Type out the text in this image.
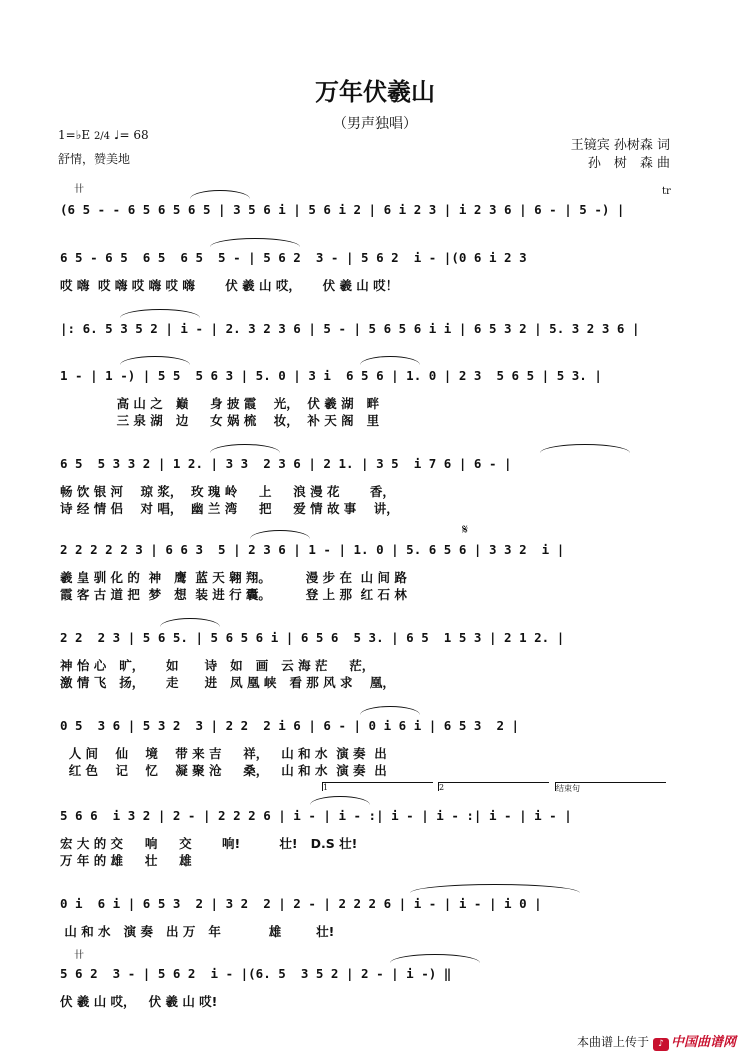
万年伏羲山
（男声独唱）
1=♭E 2/4 ♩= 68
舒情，赞美地
王镜宾 孙树森 词
孙　树　森 曲
卄	tr
𝄋
卄
1	2	结束句
(6 5 - - 6 5 6 5 6 5 | 3 5 6 i | 5 6 i 2 | 6 i 2 3 | i 2 3 6 | 6 - | 5 -) |
6 5 - 6 5  6 5  6 5  5 - | 5 6 2  3 - | 5 6 2  i - |(0 6 i 2 3
哎 嗨  哎 嗨 哎 嗨 哎 嗨       伏 羲 山 哎，     伏 羲 山 哎！
|: 6. 5 3 5 2 | i - | 2. 3 2 3 6 | 5 - | 5 6 5 6 i i | 6 5 3 2 | 5. 3 2 3 6 |
1 - | 1 -) | 5 5  5 6 3 | 5. 0 | 3 i  6 5 6 | 1. 0 | 2 3  5 6 5 | 5 3. |
高 山 之   巅     身 披 霞    光，  伏 羲 湖   畔
三 泉 湖   边     女 娲 梳    妆，  补 天 阁   里
6 5  5 3 3 2 | 1 2. | 3 3  2 3 6 | 2 1. | 3 5  i 7 6 | 6 - |
畅 饮 银 河    琼 浆，  玫 瑰 岭     上     浪 漫 花       香，
诗 经 情 侣    对 唱，  幽 兰 湾     把     爱 情 故 事    讲，
2 2 2 2 2 3 | 6 6 3  5 | 2 3 6 | 1 - | 1. 0 | 5. 6 5 6 | 3 3 2  i |
羲 皇 驯 化 的  神   鹰  蓝 天 翱 翔。        漫 步 在  山 间 路
霞 客 古 道 把  梦   想  装 进 行 囊。        登 上 那  红 石 林
2 2  2 3 | 5 6 5. | 5 6 5 6 i | 6 5 6  5 3. | 6 5  1 5 3 | 2 1 2. |
神 怡 心   旷，     如      诗   如   画   云 海 茫     茫，
激 情 飞   扬，     走      进   凤 凰 峡   看 那 风 求    凰，
0 5  3 6 | 5 3 2  3 | 2 2  2 i 6 | 6 - | 0 i 6 i | 6 5 3  2 |
人 间    仙    境    带 来 吉     祥，   山 和 水  演 奏  出
红 色    记    忆    凝 聚 沧     桑，   山 和 水  演 奏  出
5 6 6  i 3 2 | 2 - | 2 2 2 6 | i - | i - :| i - | i - :| i - | i - |
宏 大 的 交     响     交       响!         壮!   D.S 壮!
万 年 的 雄     壮     雄
0 i  6 i | 6 5 3  2 | 3 2  2 | 2 - | 2 2 2 6 | i - | i - | i 0 |
山 和 水   演 奏   出 万   年           雄        壮!
5 6 2  3 - | 5 6 2  i - |(6. 5  3 5 2 | 2 - | i -) ‖
伏 羲 山 哎，   伏 羲 山 哎!
本曲谱上传于	♪ 中国曲谱网
